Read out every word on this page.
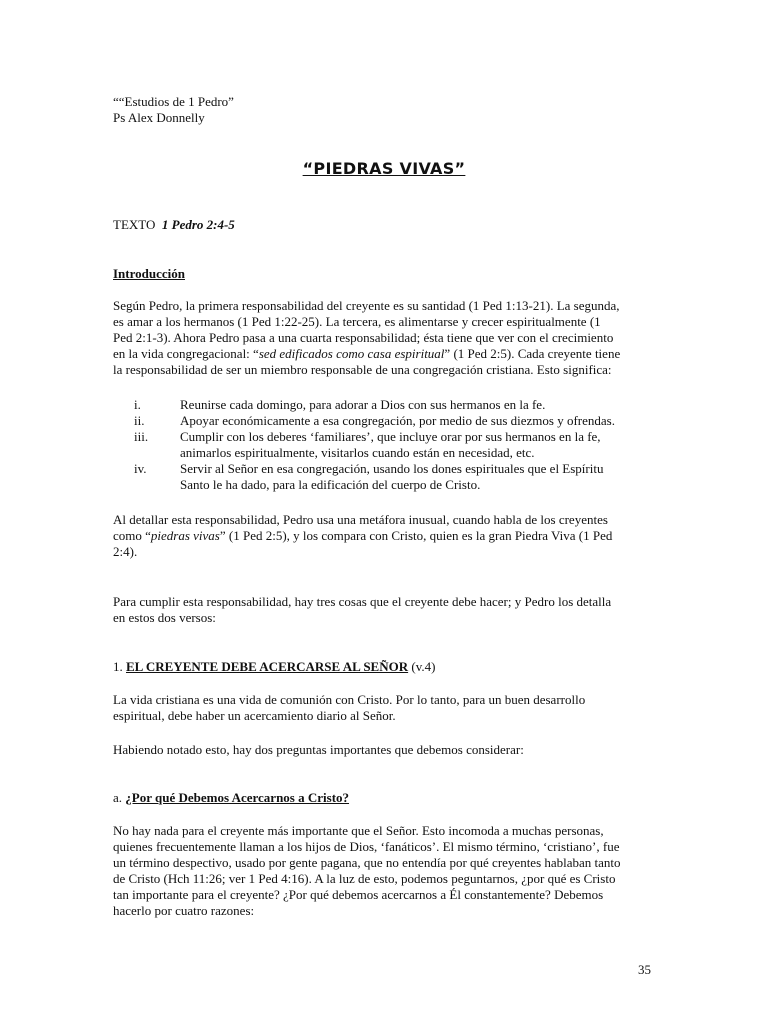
““Estudios de 1 Pedro”
Ps Alex Donnelly
“PIEDRAS VIVAS”
TEXTO 1 Pedro 2:4-5
Introducción

Según Pedro, la primera responsabilidad del creyente es su santidad (1 Ped 1:13-21). La segunda,

es amar a los hermanos (1 Ped 1:22-25). La tercera, es alimentarse y crecer espiritualmente (1

Ped 2:1-3). Ahora Pedro pasa a una cuarta responsabilidad; ésta tiene que ver con el crecimiento

en la vida congregacional: “sed edificados como casa espiritual” (1 Ped 2:5). Cada creyente tiene

la responsabilidad de ser un miembro responsable de una congregación cristiana. Esto significa:

i.	Reunirse cada domingo, para adorar a Dios con sus hermanos en la fe.
ii.	Apoyar económicamente a esa congregación, por medio de sus diezmos y ofrendas.
iii.	Cumplir con los deberes ‘familiares’, que incluye orar por sus hermanos en la fe,
animarlos espiritualmente, visitarlos cuando están en necesidad, etc.
iv.	Servir al Señor en esa congregación, usando los dones espirituales que el Espíritu
Santo le ha dado, para la edificación del cuerpo de Cristo.

Al detallar esta responsabilidad, Pedro usa una metáfora inusual, cuando habla de los creyentes

como “piedras vivas” (1 Ped 2:5), y los compara con Cristo, quien es la gran Piedra Viva (1 Ped

2:4).

Para cumplir esta responsabilidad, hay tres cosas que el creyente debe hacer; y Pedro los detalla

en estos dos versos:

1. EL CREYENTE DEBE ACERCARSE AL SEÑOR (v.4)

La vida cristiana es una vida de comunión con Cristo. Por lo tanto, para un buen desarrollo

espiritual, debe haber un acercamiento diario al Señor.

Habiendo notado esto, hay dos preguntas importantes que debemos considerar:
a. ¿Por qué Debemos Acercarnos a Cristo?

No hay nada para el creyente más importante que el Señor. Esto incomoda a muchas personas,

quienes frecuentemente llaman a los hijos de Dios, ‘fanáticos’. El mismo término, ‘cristiano’, fue

un término despectivo, usado por gente pagana, que no entendía por qué creyentes hablaban tanto

de Cristo (Hch 11:26; ver 1 Ped 4:16). A la luz de esto, podemos peguntarnos, ¿por qué es Cristo

tan importante para el creyente? ¿Por qué debemos acercarnos a Él constantemente? Debemos

hacerlo por cuatro razones:

35
